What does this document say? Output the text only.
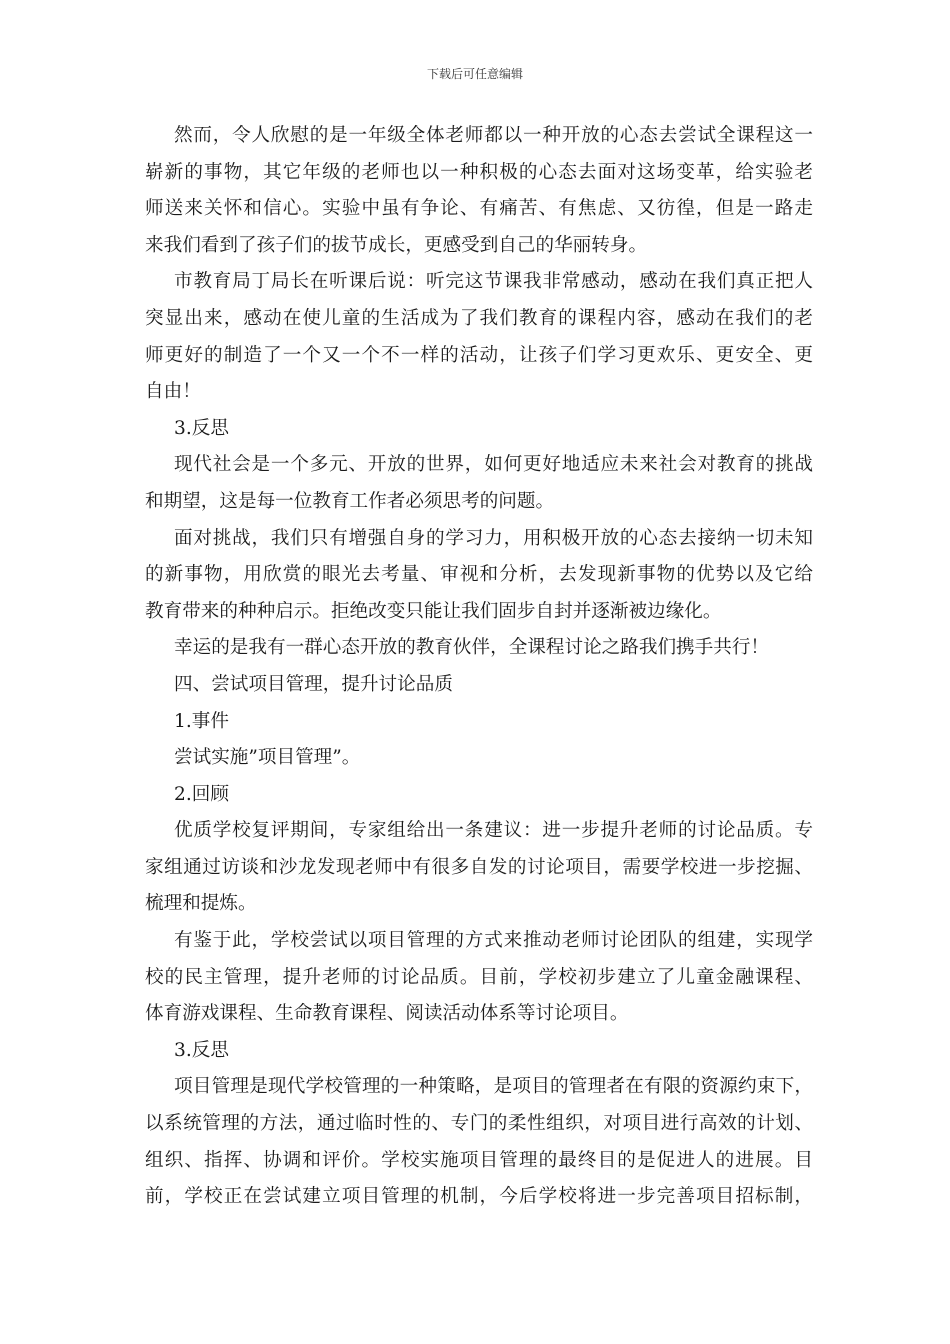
下载后可任意编辑
然而，令人欣慰的是一年级全体老师都以一种开放的心态去尝试全课程这一
崭新的事物，其它年级的老师也以一种积极的心态去面对这场变革，给实验老
师送来关怀和信心。实验中虽有争论、有痛苦、有焦虑、又彷徨，但是一路走
来我们看到了孩子们的拔节成长，更感受到自己的华丽转身。
市教育局丁局长在听课后说：听完这节课我非常感动，感动在我们真正把人
突显出来，感动在使儿童的生活成为了我们教育的课程内容，感动在我们的老
师更好的制造了一个又一个不一样的活动，让孩子们学习更欢乐、更安全、更
自由！
3.反思
现代社会是一个多元、开放的世界，如何更好地适应未来社会对教育的挑战
和期望，这是每一位教育工作者必须思考的问题。
面对挑战，我们只有增强自身的学习力，用积极开放的心态去接纳一切未知
的新事物，用欣赏的眼光去考量、审视和分析，去发现新事物的优势以及它给
教育带来的种种启示。拒绝改变只能让我们固步自封并逐渐被边缘化。
幸运的是我有一群心态开放的教育伙伴，全课程讨论之路我们携手共行！
四、尝试项目管理，提升讨论品质
1.事件
尝试实施”项目管理”。
2.回顾
优质学校复评期间，专家组给出一条建议：进一步提升老师的讨论品质。专
家组通过访谈和沙龙发现老师中有很多自发的讨论项目，需要学校进一步挖掘、
梳理和提炼。
有鉴于此，学校尝试以项目管理的方式来推动老师讨论团队的组建，实现学
校的民主管理，提升老师的讨论品质。目前，学校初步建立了儿童金融课程、
体育游戏课程、生命教育课程、阅读活动体系等讨论项目。
3.反思
项目管理是现代学校管理的一种策略，是项目的管理者在有限的资源约束下，
以系统管理的方法，通过临时性的、专门的柔性组织，对项目进行高效的计划、
组织、指挥、协调和评价。学校实施项目管理的最终目的是促进人的进展。目
前，学校正在尝试建立项目管理的机制，今后学校将进一步完善项目招标制，
